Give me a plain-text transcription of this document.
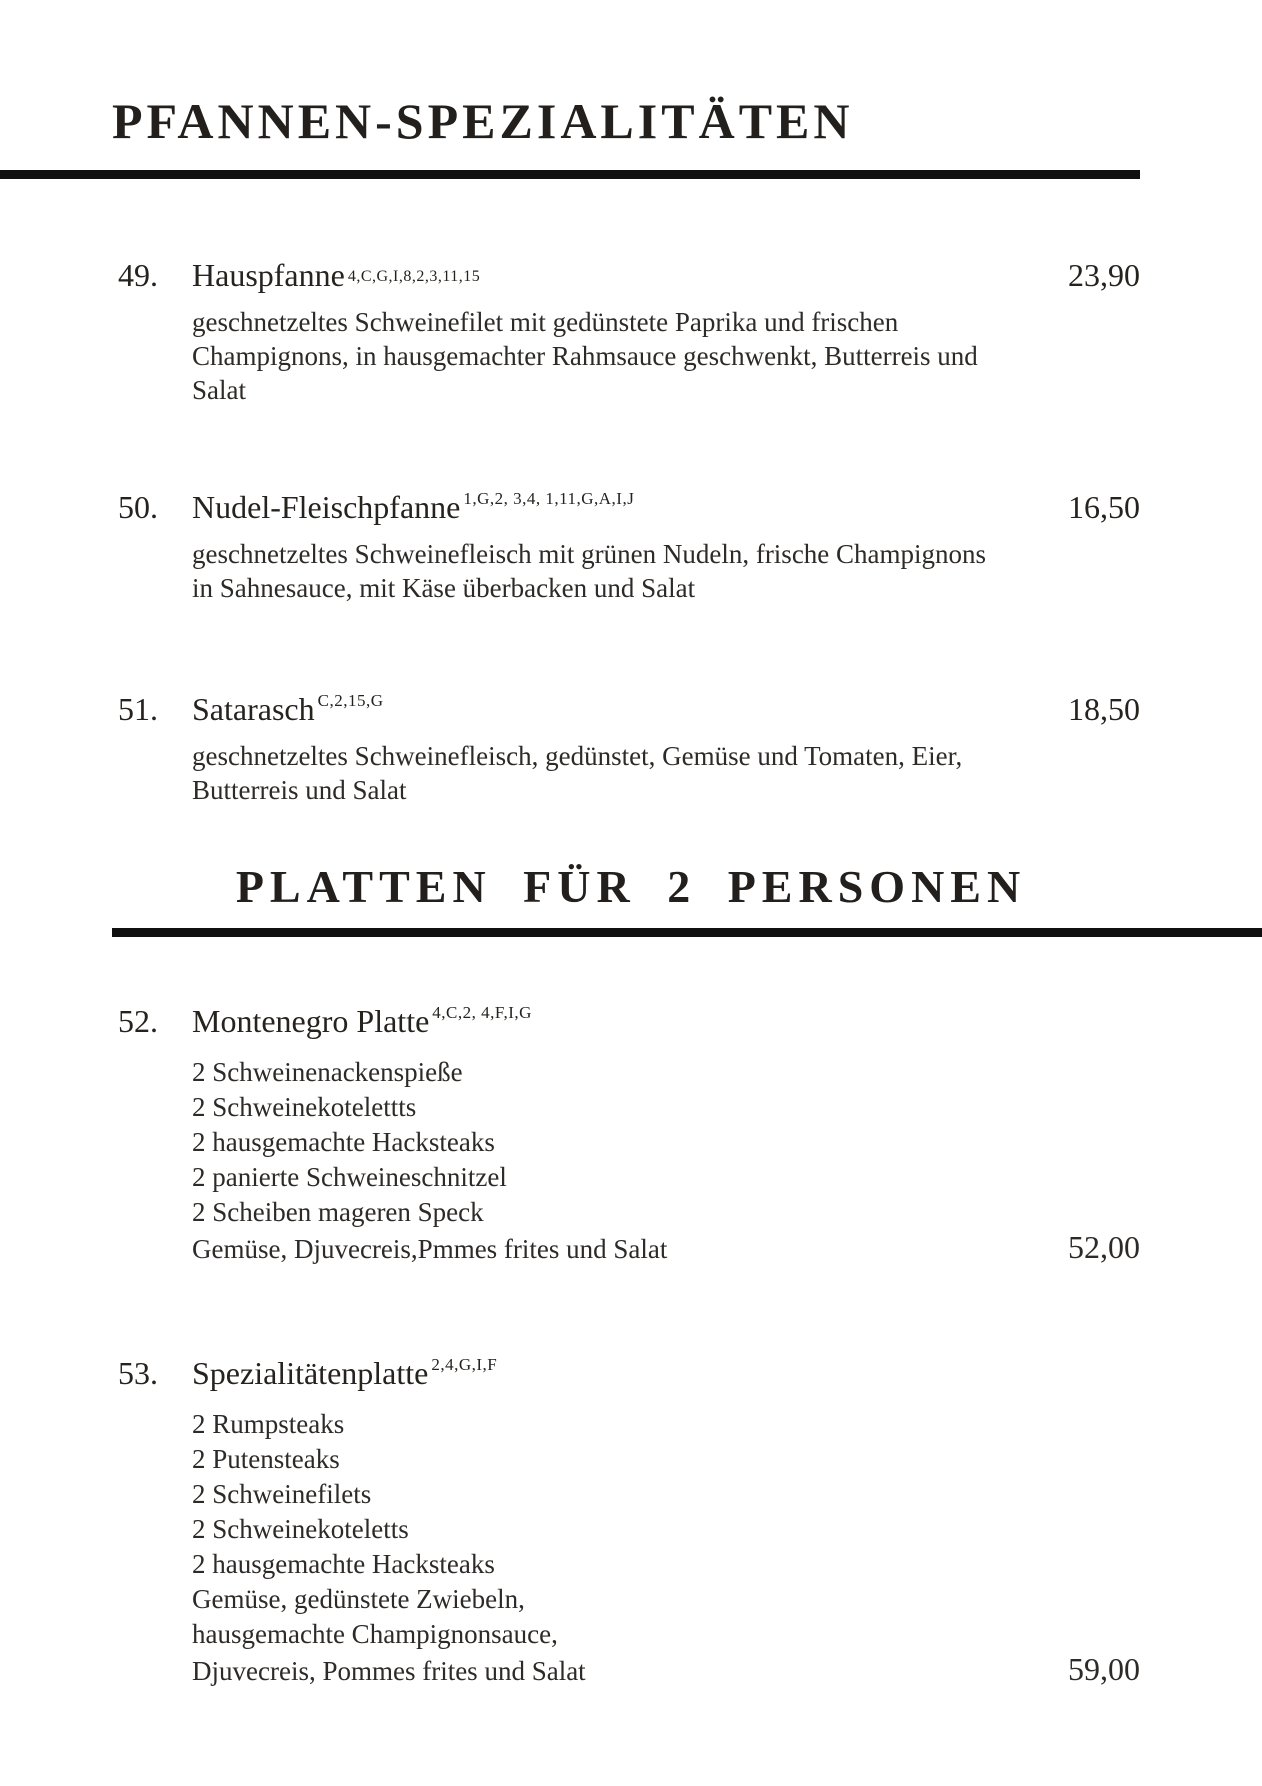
PFANNEN-SPEZIALITÄTEN
49.	Hauspfanne $^{4,C,G,I,8,2,3,11,15}$	23,90
geschnetzeltes Schweinefilet mit gedünstete Paprika und frischen
Champignons, in hausgemachter Rahmsauce geschwenkt, Butterreis und
Salat
50.	Nudel-Fleischpfanne $^{1,G,2, 3,4, 1,11,G,A,I,J}$	16,50
geschnetzeltes Schweinefleisch mit grünen Nudeln, frische Champignons
in Sahnesauce, mit Käse überbacken und Salat
51.	Satarasch $^{C,2,15,G}$	18,50
geschnetzeltes Schweinefleisch, gedünstet, Gemüse und Tomaten, Eier,
Butterreis und Salat
PLATTEN FÜR 2 PERSONEN
52.	Montenegro Platte $^{4,C,2, 4,F,I,G}$
2 Schweinenackenspieße
2 Schweinekotelettts
2 hausgemachte Hacksteaks
2 panierte Schweineschnitzel
2 Scheiben mageren Speck
Gemüse, Djuvecreis,Pmmes frites und Salat	52,00
53.	Spezialitätenplatte $^{2,4,G,I,F}$
2 Rumpsteaks
2 Putensteaks
2 Schweinefilets
2 Schweinekoteletts
2 hausgemachte Hacksteaks
Gemüse, gedünstete Zwiebeln,
hausgemachte Champignonsauce,
Djuvecreis, Pommes frites und Salat	59,00
